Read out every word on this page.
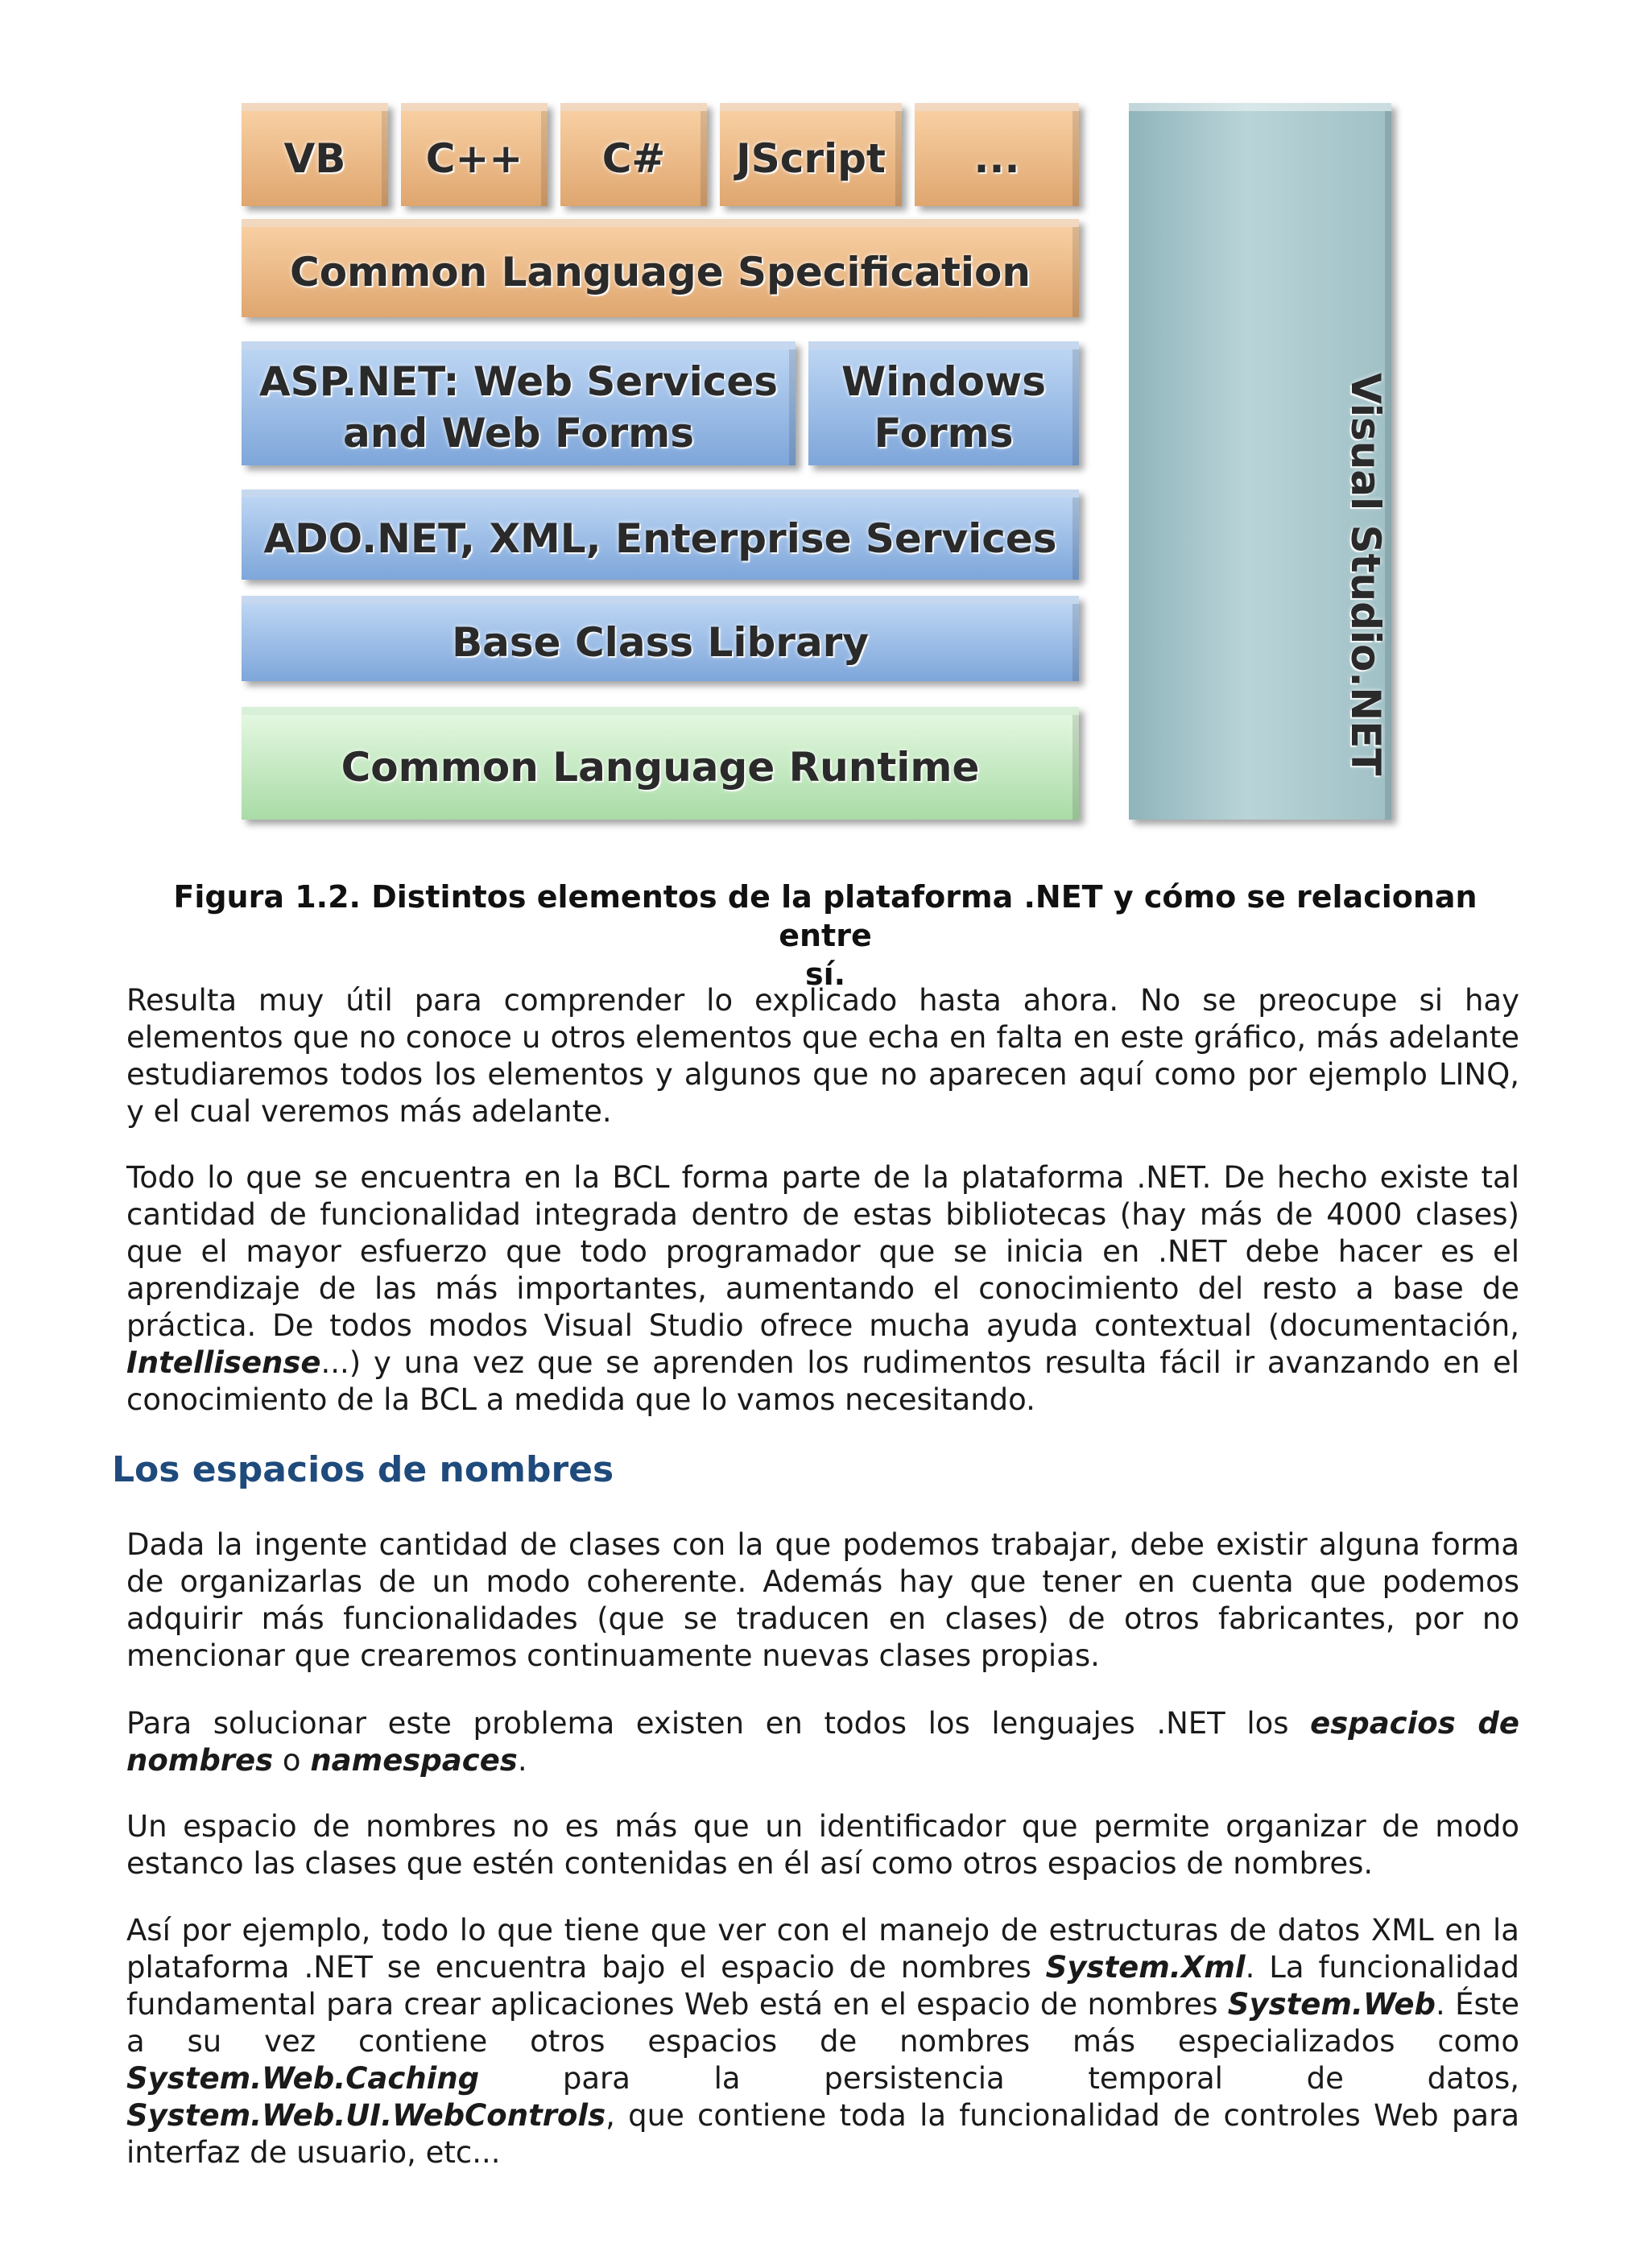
VB C++ C# JScript ...
Common Language Specification
ASP.NET: Web Services
and Web Forms
Windows
Forms
ADO.NET, XML, Enterprise Services
Base Class Library
Common Language Runtime	Visual Studio.NET
Figura 1.2. Distintos elementos de la plataforma .NET y cómo se relacionan entre
sí.

Resulta muy útil para comprender lo explicado hasta ahora. No se preocupe si hay elementos que no conoce u otros elementos que echa en falta en este gráfico, más adelante estudiaremos todos los elementos y algunos que no aparecen aquí como por ejemplo LINQ, y el cual veremos más adelante.

Todo lo que se encuentra en la BCL forma parte de la plataforma .NET. De hecho existe tal cantidad de funcionalidad integrada dentro de estas bibliotecas (hay más de 4000 clases) que el mayor esfuerzo que todo programador que se inicia en .NET debe hacer es el aprendizaje de las más importantes, aumentando el conocimiento del resto a base de práctica. De todos modos Visual Studio ofrece mucha ayuda contextual (documentación, Intellisense...) y una vez que se aprenden los rudimentos resulta fácil ir avanzando en el conocimiento de la BCL a medida que lo vamos necesitando.

Los espacios de nombres

Dada la ingente cantidad de clases con la que podemos trabajar, debe existir alguna forma de organizarlas de un modo coherente. Además hay que tener en cuenta que podemos adquirir más funcionalidades (que se traducen en clases) de otros fabricantes, por no mencionar que crearemos continuamente nuevas clases propias.

Para solucionar este problema existen en todos los lenguajes .NET los espacios de nombres o namespaces.

Un espacio de nombres no es más que un identificador que permite organizar de modo estanco las clases que estén contenidas en él así como otros espacios de nombres.

Así por ejemplo, todo lo que tiene que ver con el manejo de estructuras de datos XML en la plataforma .NET se encuentra bajo el espacio de nombres System.Xml. La funcionalidad fundamental para crear aplicaciones Web está en el espacio de nombres System.Web. Éste a su vez contiene otros espacios de nombres más especializados como System.Web.Caching para la persistencia temporal de datos, System.Web.UI.WebControls, que contiene toda la funcionalidad de controles Web para interfaz de usuario, etc...
